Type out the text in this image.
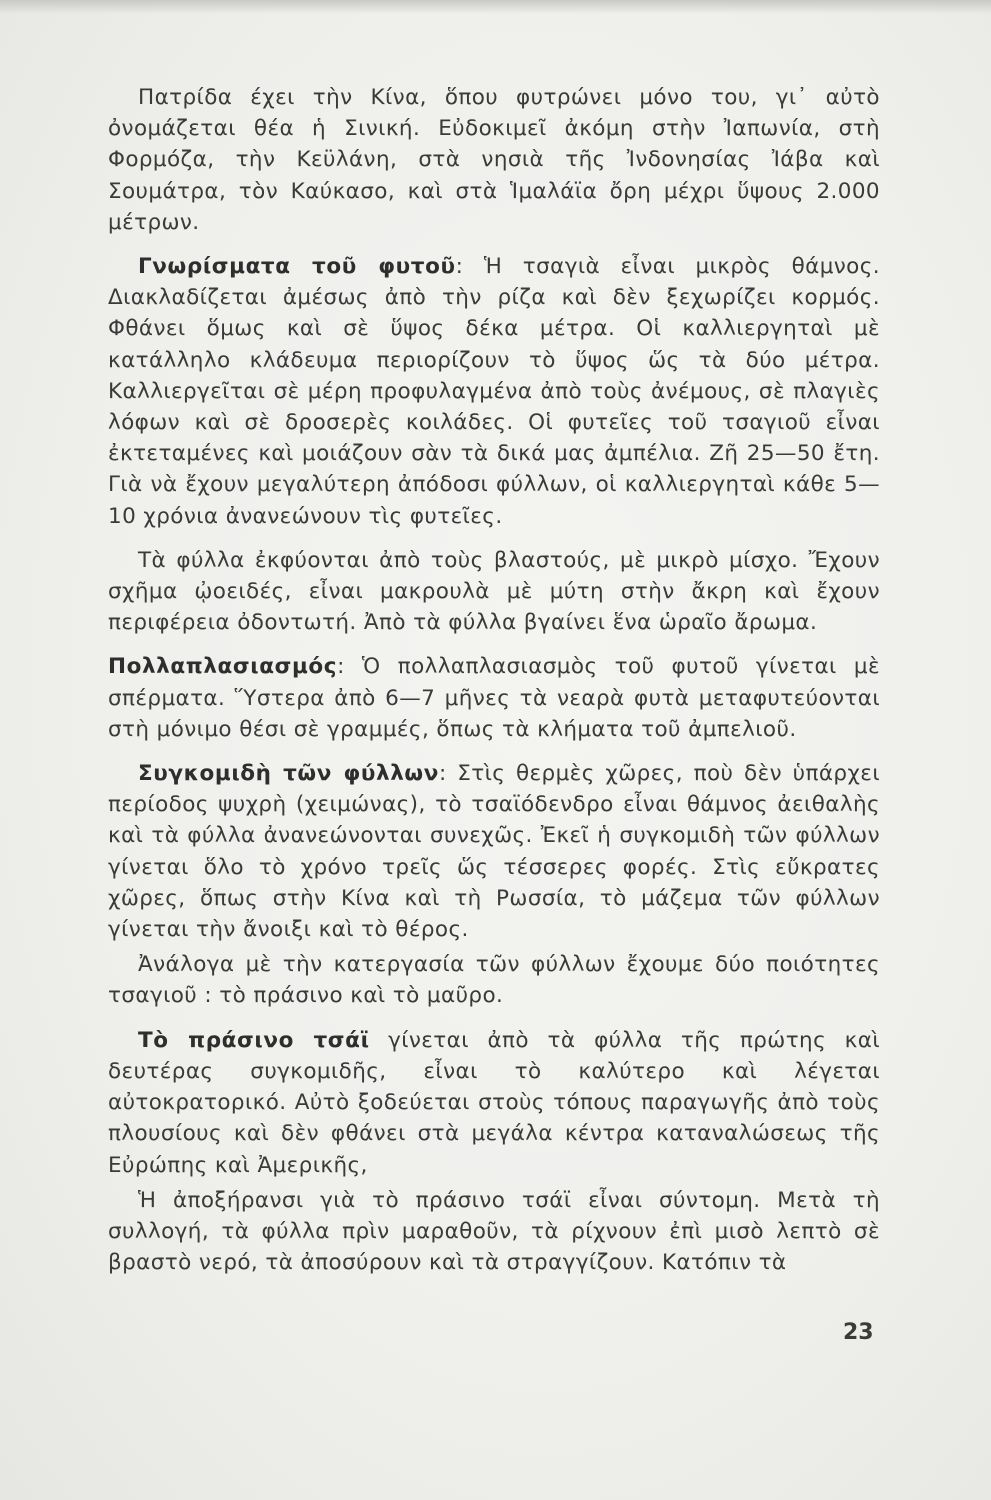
Πατρίδα έχει τὴν Κίνα, ὅπου φυτρώνει μόνο του, γι᾽ αὐτὸ ὀνομάζεται θέα ἡ Σινική. Εὐδοκιμεῖ ἀκόμη στὴν Ἰαπωνία, στὴ Φορμόζα, τὴν Κεϋλάνη, στὰ νησιὰ τῆς Ἰνδονησίας Ἰάβα καὶ Σουμάτρα, τὸν Καύκασο, καὶ στὰ Ἱμαλάϊα ὄρη μέχρι ὕψους 2.000 μέτρων.

Γνωρίσματα τοῦ φυτοῦ: Ἡ τσαγιὰ εἶναι μικρὸς θάμνος. Διακλαδίζεται ἀμέσως ἀπὸ τὴν ρίζα καὶ δὲν ξεχωρίζει κορμός. Φθάνει ὅμως καὶ σὲ ὕψος δέκα μέτρα. Οἱ καλλιεργηταὶ μὲ κατάλληλο κλάδευμα περιορίζουν τὸ ὕψος ὥς τὰ δύο μέτρα. Καλλιεργεῖται σὲ μέρη προφυλαγμένα ἀπὸ τοὺς ἀνέμους, σὲ πλαγιὲς λόφων καὶ σὲ δροσερὲς κοιλάδες. Οἱ φυτεῖες τοῦ τσαγιοῦ εἶναι ἐκτεταμένες καὶ μοιάζουν σὰν τὰ δικά μας ἀμπέλια. Ζῆ 25—50 ἔτη. Γιὰ νὰ ἔχουν μεγαλύτερη ἀπόδοσι φύλλων, οἱ καλλιεργηταὶ κάθε 5—10 χρόνια ἀνανεώνουν τὶς φυτεῖες.

Τὰ φύλλα ἐκφύονται ἀπὸ τοὺς βλαστούς, μὲ μικρὸ μίσχο. Ἔχουν σχῆμα ᾠοειδές, εἶναι μακρουλὰ μὲ μύτη στὴν ἄκρη καὶ ἔχουν περιφέρεια ὀδοντωτή. Ἀπὸ τὰ φύλλα βγαίνει ἕνα ὡραῖο ἄρωμα.

Πολλαπλασιασμός: Ὁ πολλαπλασιασμὸς τοῦ φυτοῦ γίνεται μὲ σπέρματα. Ὕστερα ἀπὸ 6—7 μῆνες τὰ νεαρὰ φυτὰ μεταφυτεύονται στὴ μόνιμο θέσι σὲ γραμμές, ὅπως τὰ κλήματα τοῦ ἀμπελιοῦ.

Συγκομιδὴ τῶν φύλλων: Στὶς θερμὲς χῶρες, ποὺ δὲν ὑπάρχει περίοδος ψυχρὴ (χειμώνας), τὸ τσαϊόδενδρο εἶναι θάμνος ἀειθαλὴς καὶ τὰ φύλλα ἀνανεώνονται συνεχῶς. Ἐκεῖ ἡ συγκομιδὴ τῶν φύλλων γίνεται ὅλο τὸ χρόνο τρεῖς ὥς τέσσερες φορές. Στὶς εὔκρατες χῶρες, ὅπως στὴν Κίνα καὶ τὴ Ρωσσία, τὸ μάζεμα τῶν φύλλων γίνεται τὴν ἄνοιξι καὶ τὸ θέρος.

Ἀνάλογα μὲ τὴν κατεργασία τῶν φύλλων ἔχουμε δύο ποιότητες τσαγιοῦ : τὸ πράσινο καὶ τὸ μαῦρο.

Τὸ πράσινο τσάϊ γίνεται ἀπὸ τὰ φύλλα τῆς πρώτης καὶ δευτέρας συγκομιδῆς, εἶναι τὸ καλύτερο καὶ λέγεται αὐτοκρατορικό. Αὐτὸ ξοδεύεται στοὺς τόπους παραγωγῆς ἀπὸ τοὺς πλουσίους καὶ δὲν φθάνει στὰ μεγάλα κέντρα καταναλώσεως τῆς Εὐρώπης καὶ Ἀμερικῆς,

Ἡ ἀποξήρανσι γιὰ τὸ πράσινο τσάϊ εἶναι σύντομη. Μετὰ τὴ συλλογή, τὰ φύλλα πρὶν μαραθοῦν, τὰ ρίχνουν ἐπὶ μισὸ λεπτὸ σὲ βραστὸ νερό, τὰ ἀποσύρουν καὶ τὰ στραγγίζουν. Κατόπιν τὰ

23
